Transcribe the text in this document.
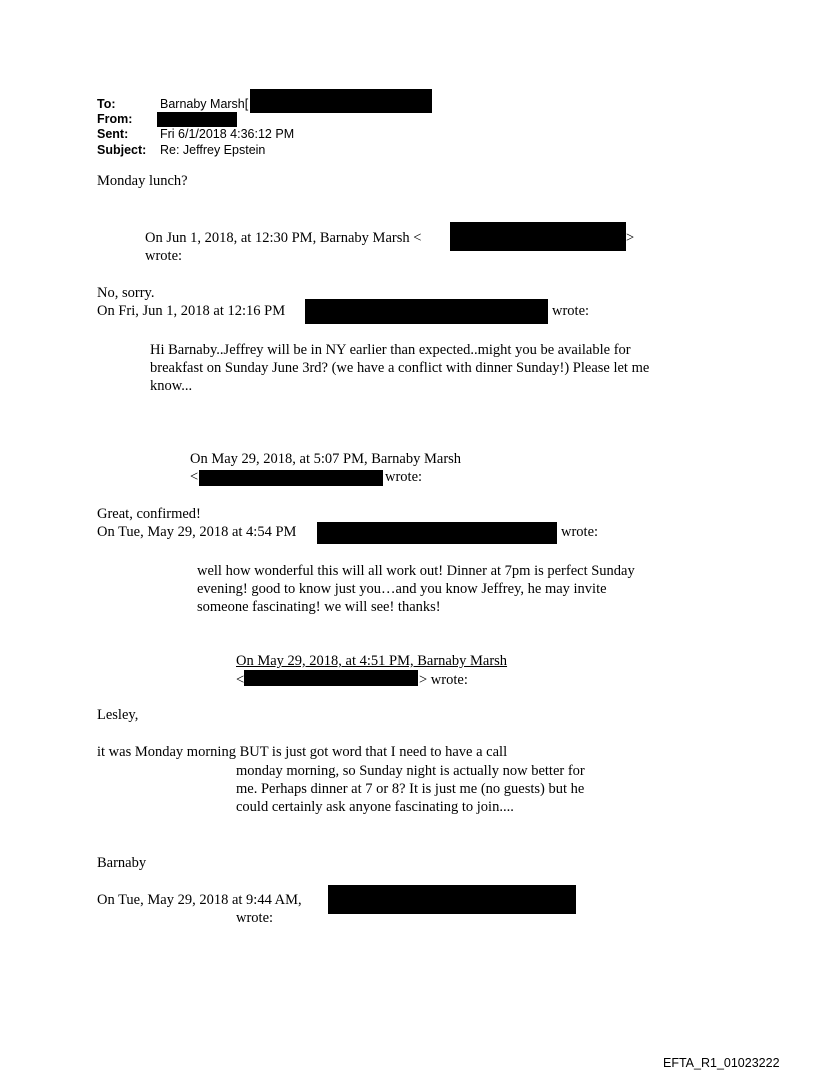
To:	Barnaby Marsh[
From:
Sent:	Fri 6/1/2018 4:36:12 PM
Subject: Re: Jeffrey Epstein
Monday lunch?
On Jun 1, 2018, at 12:30 PM, Barnaby Marsh <	>
wrote:
No, sorry.
On Fri, Jun 1, 2018 at 12:16 PM	wrote:
Hi Barnaby..Jeffrey will be in NY earlier than expected..might you be available for breakfast on Sunday June 3rd? (we have a conflict with dinner Sunday!) Please let me know...
On May 29, 2018, at 5:07 PM, Barnaby Marsh
<	wrote:
Great, confirmed!
On Tue, May 29, 2018 at 4:54 PM	wrote:
well how wonderful this will all work out! Dinner at 7pm is perfect Sunday evening! good to know just you…and you know Jeffrey, he may invite someone fascinating! we will see! thanks!
On May 29, 2018, at 4:51 PM, Barnaby Marsh
<	> wrote:
Lesley,
it was Monday morning BUT is just got word that I need to have a call
monday morning, so Sunday night is actually now better for me. Perhaps dinner at 7 or 8? It is just me (no guests) but he could certainly ask anyone fascinating to join....
Barnaby
On Tue, May 29, 2018 at 9:44 AM,
wrote:
EFTA_R1_01023222
